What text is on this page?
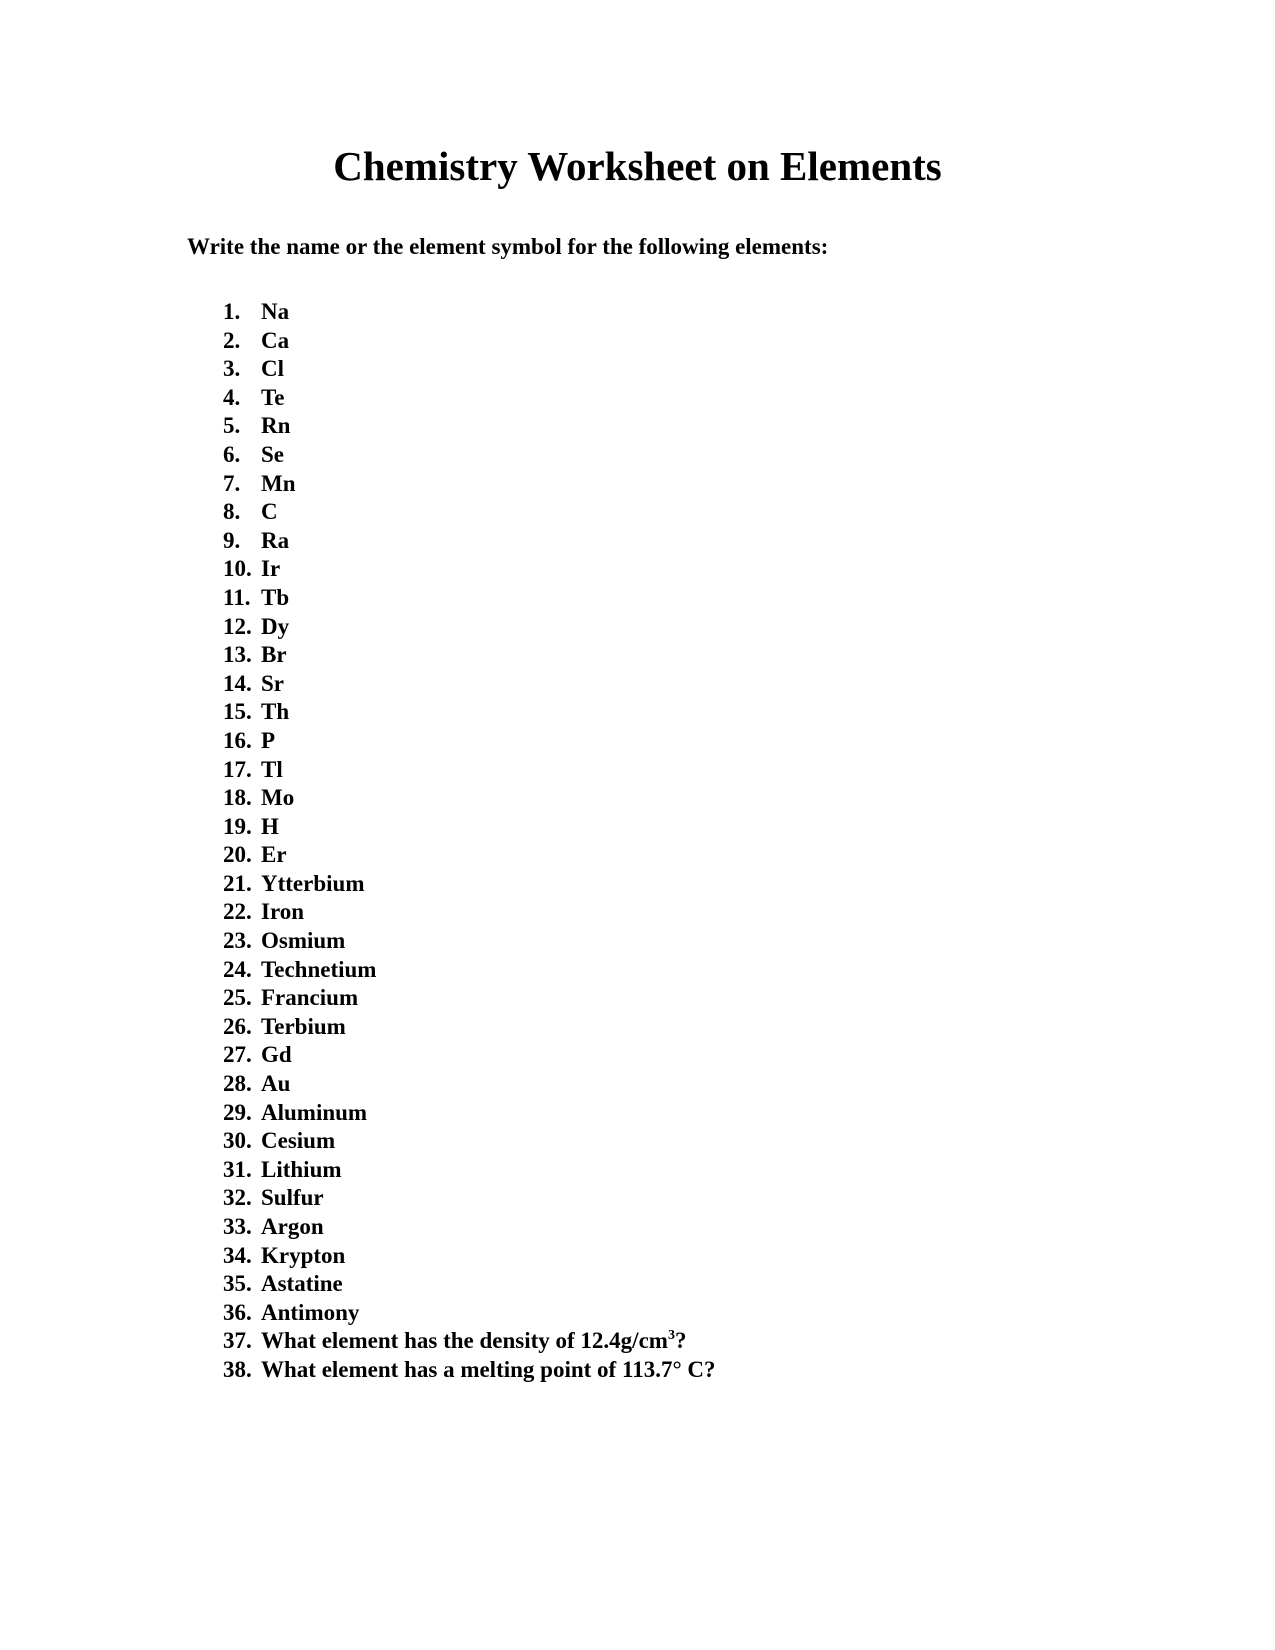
Chemistry Worksheet on Elements

Write the name or the element symbol for the following elements:

1. Na
2. Ca
3. Cl
4. Te
5. Rn
6. Se
7. Mn
8. C
9. Ra
10. Ir
11. Tb
12. Dy
13. Br
14. Sr
15. Th
16. P
17. Tl
18. Mo
19. H
20. Er
21. Ytterbium
22. Iron
23. Osmium
24. Technetium
25. Francium
26. Terbium
27. Gd
28. Au
29. Aluminum
30. Cesium
31. Lithium
32. Sulfur
33. Argon
34. Krypton
35. Astatine
36. Antimony
37. What element has the density of $12.4g/cm^3$?
38. What element has a melting point of 113.7° C?
